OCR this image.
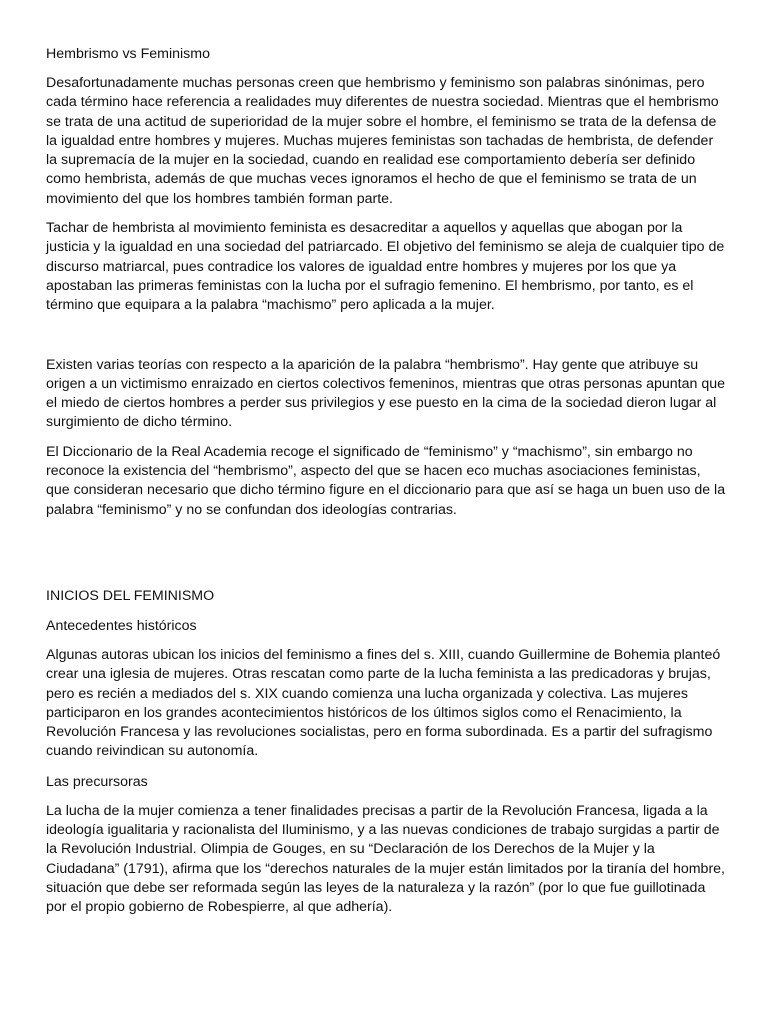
Hembrismo vs Feminismo
Desafortunadamente muchas personas creen que hembrismo y feminismo son palabras sinónimas, pero cada término hace referencia a realidades muy diferentes de nuestra sociedad. Mientras que el hembrismo se trata de una actitud de superioridad de la mujer sobre el hombre, el feminismo se trata de la defensa de la igualdad entre hombres y mujeres. Muchas mujeres feministas son tachadas de hembrista, de defender la supremacía de la mujer en la sociedad, cuando en realidad ese comportamiento debería ser definido como hembrista, además de que muchas veces ignoramos el hecho de que el feminismo se trata de un movimiento del que los hombres también forman parte.
Tachar de hembrista al movimiento feminista es desacreditar a aquellos y aquellas que abogan por la justicia y la igualdad en una sociedad del patriarcado. El objetivo del feminismo se aleja de cualquier tipo de discurso matriarcal, pues contradice los valores de igualdad entre hombres y mujeres por los que ya apostaban las primeras feministas con la lucha por el sufragio femenino. El hembrismo, por tanto, es el término que equipara a la palabra “machismo” pero aplicada a la mujer.
Existen varias teorías con respecto a la aparición de la palabra “hembrismo”. Hay gente que atribuye su origen a un victimismo enraizado en ciertos colectivos femeninos, mientras que otras personas apuntan que el miedo de ciertos hombres a perder sus privilegios y ese puesto en la cima de la sociedad dieron lugar al surgimiento de dicho término.
El Diccionario de la Real Academia recoge el significado de “feminismo” y “machismo”, sin embargo no reconoce la existencia del “hembrismo”, aspecto del que se hacen eco muchas asociaciones feministas, que consideran necesario que dicho término figure en el diccionario para que así se haga un buen uso de la palabra “feminismo” y no se confundan dos ideologías contrarias.
INICIOS DEL FEMINISMO
Antecedentes históricos
Algunas autoras ubican los inicios del feminismo a fines del s. XIII, cuando Guillermine de Bohemia planteó crear una iglesia de mujeres. Otras rescatan como parte de la lucha feminista a las predicadoras y brujas, pero es recién a mediados del s. XIX cuando comienza una lucha organizada y colectiva. Las mujeres participaron en los grandes acontecimientos históricos de los últimos siglos como el Renacimiento, la Revolución Francesa y las revoluciones socialistas, pero en forma subordinada. Es a partir del sufragismo cuando reivindican su autonomía.
Las precursoras
La lucha de la mujer comienza a tener finalidades precisas a partir de la Revolución Francesa, ligada a la ideología igualitaria y racionalista del Iluminismo, y a las nuevas condiciones de trabajo surgidas a partir de la Revolución Industrial. Olimpia de Gouges, en su “Declaración de los Derechos de la Mujer y la Ciudadana” (1791), afirma que los “derechos naturales de la mujer están limitados por la tiranía del hombre, situación que debe ser reformada según las leyes de la naturaleza y la razón” (por lo que fue guillotinada por el propio gobierno de Robespierre, al que adhería).
